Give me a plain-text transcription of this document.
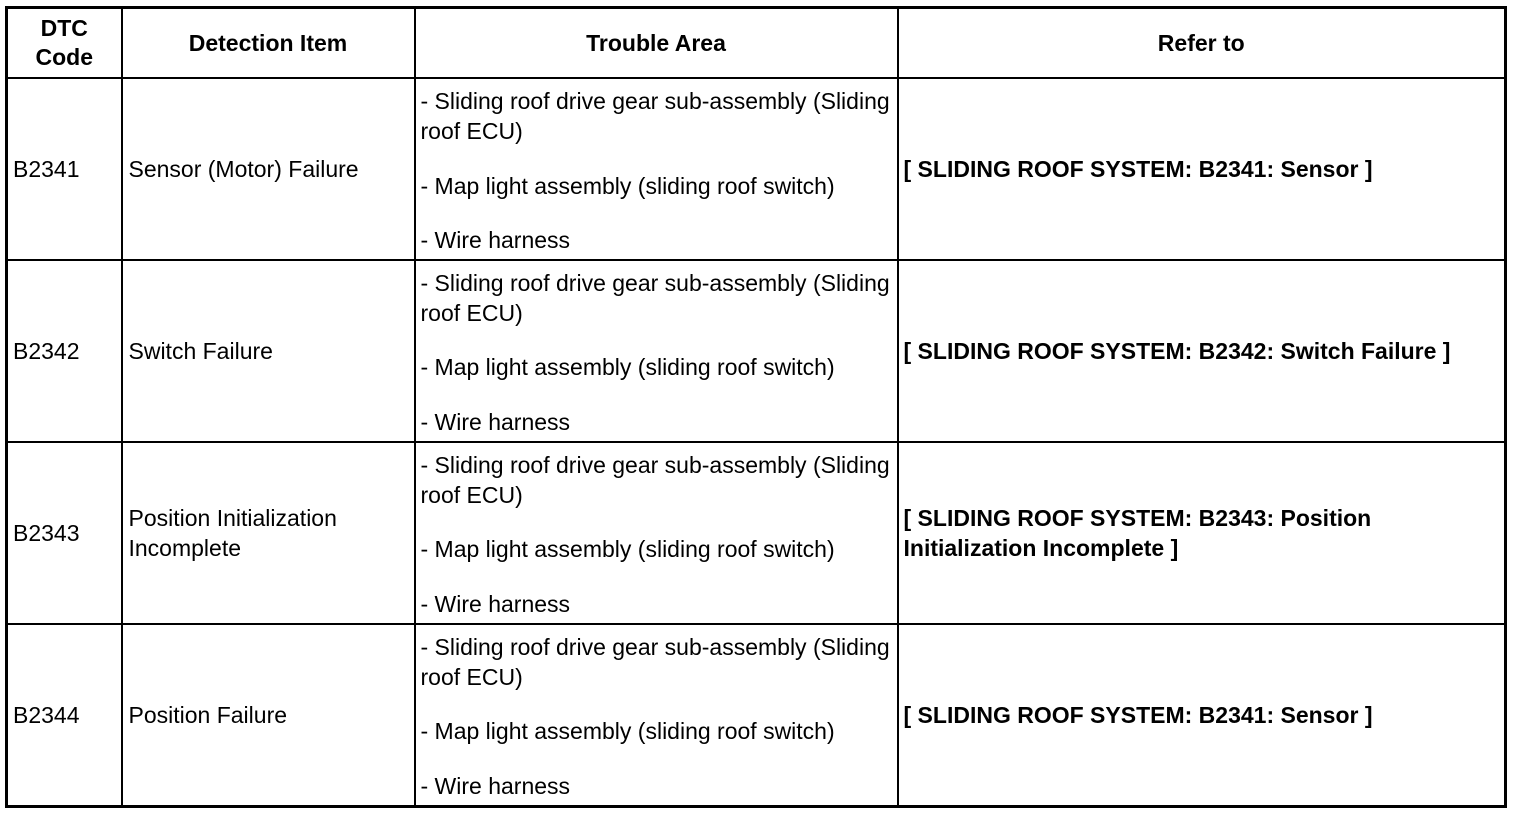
DTC
Code	Detection Item	Trouble Area	Refer to
B2341	Sensor (Motor) Failure	- Sliding roof drive gear sub-assembly (Sliding roof ECU)
- Map light assembly (sliding roof switch)
- Wire harness	[ SLIDING ROOF SYSTEM: B2341: Sensor ]
B2342	Switch Failure	- Sliding roof drive gear sub-assembly (Sliding roof ECU)
- Map light assembly (sliding roof switch)
- Wire harness	[ SLIDING ROOF SYSTEM: B2342: Switch Failure ]
B2343	Position Initialization Incomplete	- Sliding roof drive gear sub-assembly (Sliding roof ECU)
- Map light assembly (sliding roof switch)
- Wire harness	[ SLIDING ROOF SYSTEM: B2343: Position Initialization Incomplete ]
B2344	Position Failure	- Sliding roof drive gear sub-assembly (Sliding roof ECU)
- Map light assembly (sliding roof switch)
- Wire harness	[ SLIDING ROOF SYSTEM: B2341: Sensor ]
